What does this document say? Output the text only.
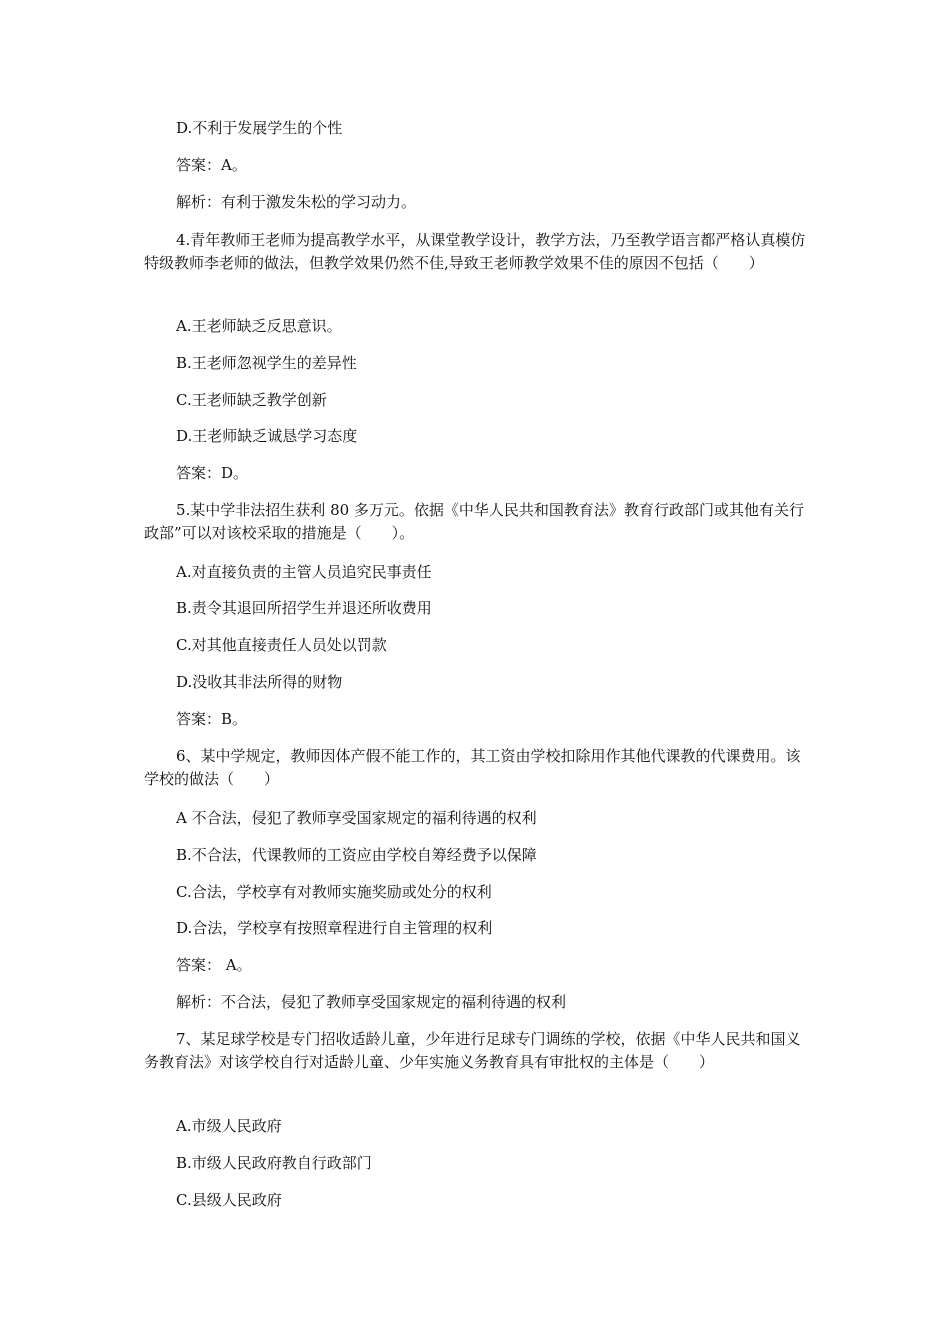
D.不利于发展学生的个性

答案：A。

解析：有利于激发朱松的学习动力。

4.青年教师王老师为提高教学水平，从课堂教学设计，教学方法，乃至教学语言都严格认真模仿特级教师李老师的做法，但教学效果仍然不佳,导致王老师教学效果不佳的原因不包括（　　）

A.王老师缺乏反思意识。

B.王老师忽视学生的差异性

C.王老师缺乏教学创新

D.王老师缺乏诚恳学习态度

答案：D。

5.某中学非法招生获利 80 多万元。依据《中华人民共和国教育法》教育行政部门或其他有关行政部”可以对该校采取的措施是（　　）。

A.对直接负责的主管人员追究民事责任

B.责令其退回所招学生并退还所收费用

C.对其他直接责任人员处以罚款

D.没收其非法所得的财物

答案：B。

6、某中学规定，教师因体产假不能工作的，其工资由学校扣除用作其他代课教的代课费用。该学校的做法（　　）

A 不合法，侵犯了教师享受国家规定的福利待遇的权利

B.不合法，代课教师的工资应由学校自筹经费予以保障

C.合法，学校享有对教师实施奖励或处分的权利

D.合法，学校享有按照章程进行自主管理的权利

答案： A。

解析：不合法，侵犯了教师享受国家规定的福利待遇的权利

7、某足球学校是专门招收适龄儿童，少年进行足球专门调练的学校，依据《中华人民共和国义务教育法》对该学校自行对适龄儿童、少年实施义务教育具有审批权的主体是（　　）

A.市级人民政府

B.市级人民政府教自行政部门

C.县级人民政府
